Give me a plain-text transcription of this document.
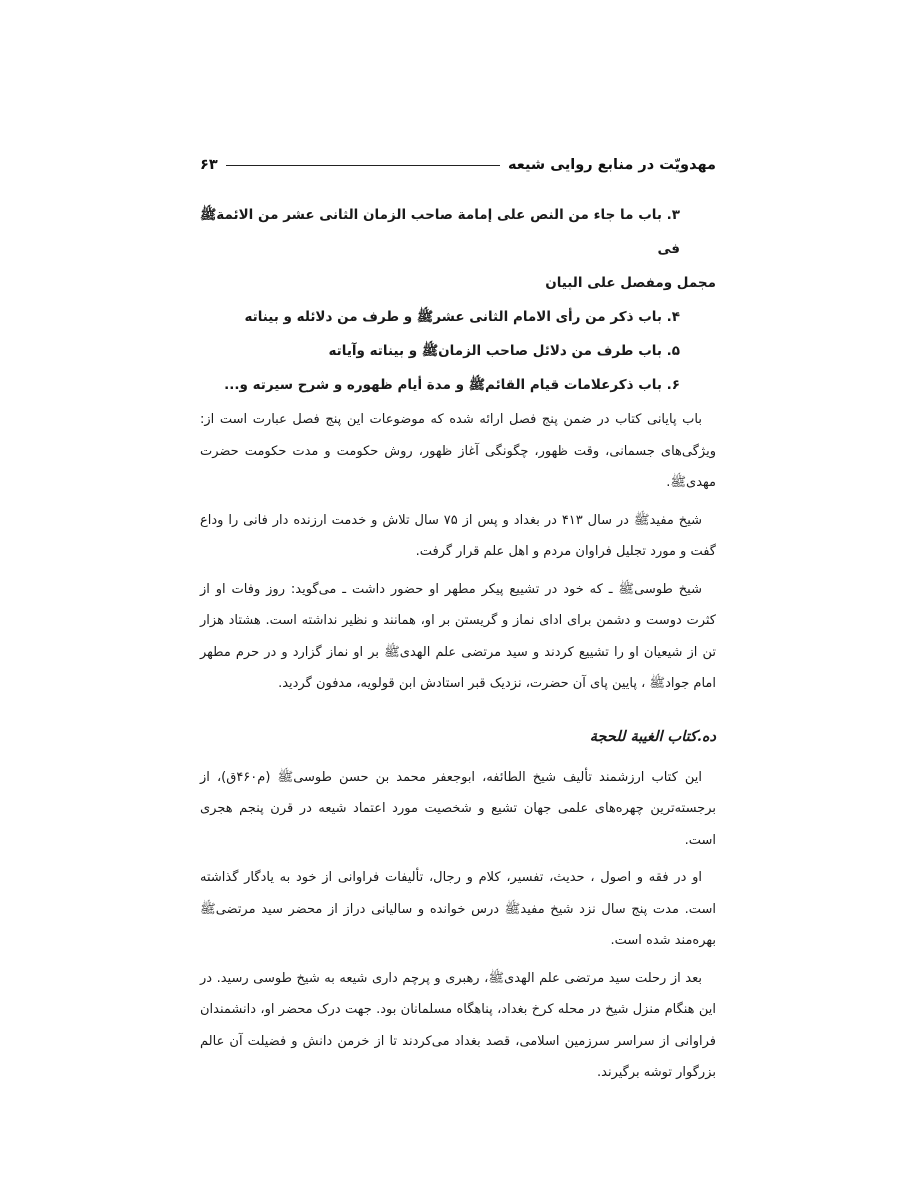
مهدویّت در منابع روایی شیعه
۶۳

۳. باب ما جاء من النص علی إمامة صاحب الزمان الثانی عشر من الائمةﷺ فی

مجمل ومفصل علی البیان

۴. باب ذکر من رأی الامام الثانی عشرﷺ و طرف من دلائله و بیناته

۵. باب طرف من دلائل صاحب الزمانﷺ و بیناته وآیاته

۶. باب ذکرعلامات قیام القائمﷺ و مدة أیام ظهوره و شرح سیرته و...

باب پایانی کتاب در ضمن پنج فصل ارائه شده که موضوعات این پنج فصل عبارت است از: ویژگی‌های جسمانی، وقت ظهور، چگونگی آغاز ظهور، روش حکومت و مدت حکومت حضرت مهدیﷺ.

شیخ مفیدﷺ در سال ۴۱۳ در بغداد و پس از ۷۵ سال تلاش و خدمت ارزنده دار فانی را وداع گفت و مورد تجلیل فراوان مردم و اهل علم قرار گرفت.

شیخ طوسیﷺ ـ که خود در تشییع پیکر مطهر او حضور داشت ـ می‌گوید: روز وفات او از کثرت دوست و دشمن برای ادای نماز و گریستن بر او، همانند و نظیر نداشته است. هشتاد هزار تن از شیعیان او را تشییع کردند و سید مرتضی علم الهدیﷺ بر او نماز گزارد و در حرم مطهر امام جوادﷺ ، پایین پای آن حضرت، نزدیک قبر استادش ابن قولویه، مدفون گردید.

ده.کتاب الغیبة للحجة

این کتاب ارزشمند تألیف شیخ الطائفه، ابوجعفر محمد بن حسن طوسیﷺ (م۴۶۰ق)، از برجسته‌ترین چهره‌های علمی جهان تشیع و شخصیت مورد اعتماد شیعه در قرن پنجم هجری است.

او در فقه و اصول ، حدیث، تفسیر، کلام و رجال، تألیفات فراوانی از خود به یادگار گذاشته است. مدت پنج سال نزد شیخ مفیدﷺ درس خوانده و سالیانی دراز از محضر سید مرتضیﷺ بهره‌مند شده است.

بعد از رحلت سید مرتضی علم الهدیﷺ، رهبری و پرچم داری شیعه به شیخ طوسی رسید. در این هنگام منزل شیخ در محله کرخ بغداد، پناهگاه مسلمانان بود. جهت درک محضر او، دانشمندان فراوانی از سراسر سرزمین اسلامی، قصد بغداد می‌کردند تا از خرمن دانش و فضیلت آن عالم بزرگوار توشه برگیرند.
